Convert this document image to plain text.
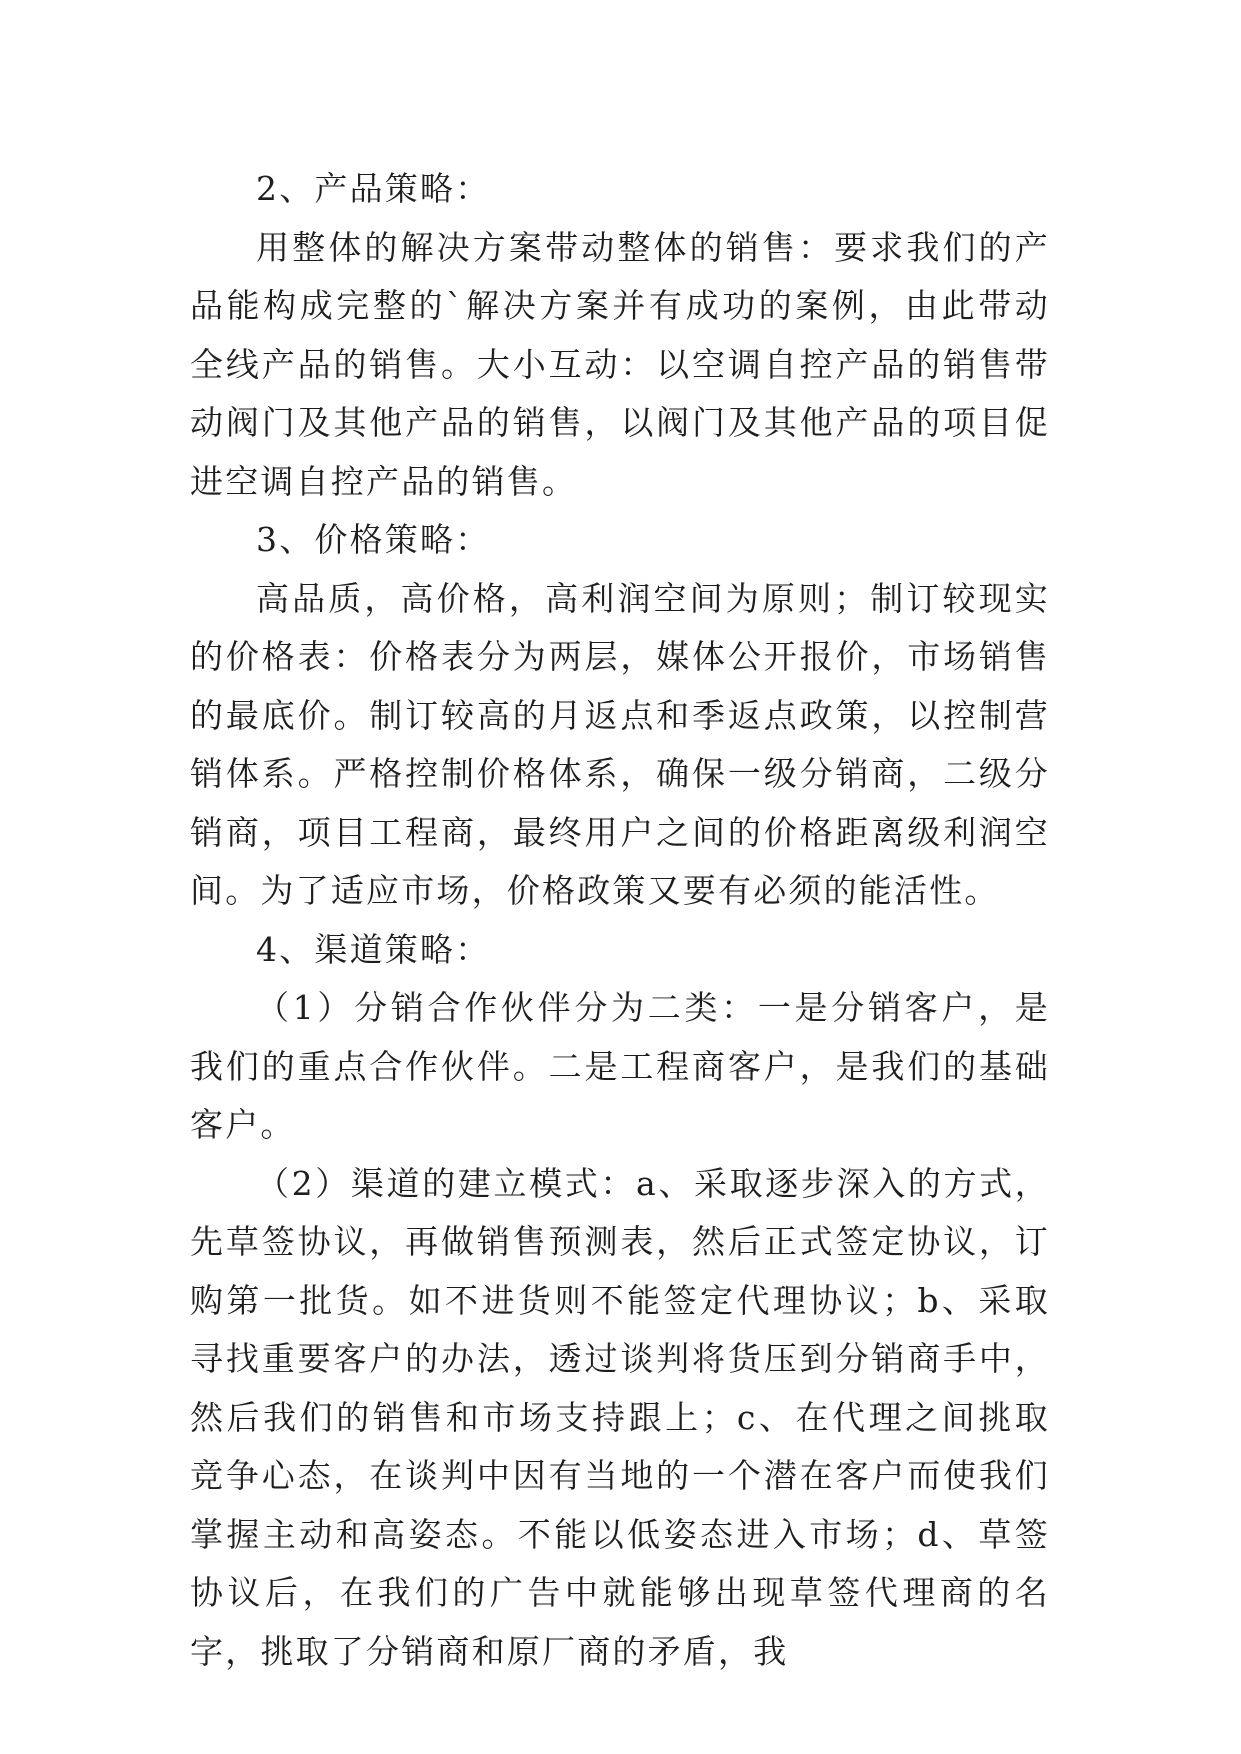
2、产品策略：

用整体的解决方案带动整体的销售：要求我们的产品能构成完整的`解决方案并有成功的案例，由此带动全线产品的销售。大小互动：以空调自控产品的销售带动阀门及其他产品的销售，以阀门及其他产品的项目促进空调自控产品的销售。

3、价格策略：

高品质，高价格，高利润空间为原则；制订较现实的价格表：价格表分为两层，媒体公开报价，市场销售的最底价。制订较高的月返点和季返点政策，以控制营销体系。严格控制价格体系，确保一级分销商，二级分销商，项目工程商，最终用户之间的价格距离级利润空间。为了适应市场，价格政策又要有必须的能活性。

4、渠道策略：

（1）分销合作伙伴分为二类：一是分销客户，是我们的重点合作伙伴。二是工程商客户，是我们的基础客户。

（2）渠道的建立模式：a、采取逐步深入的方式，先草签协议，再做销售预测表，然后正式签定协议，订购第一批货。如不进货则不能签定代理协议；b、采取寻找重要客户的办法，透过谈判将货压到分销商手中，然后我们的销售和市场支持跟上；c、在代理之间挑取竞争心态，在谈判中因有当地的一个潜在客户而使我们掌握主动和高姿态。不能以低姿态进入市场；d、草签协议后，在我们的广告中就能够出现草签代理商的名字，挑取了分销商和原厂商的矛盾，我
